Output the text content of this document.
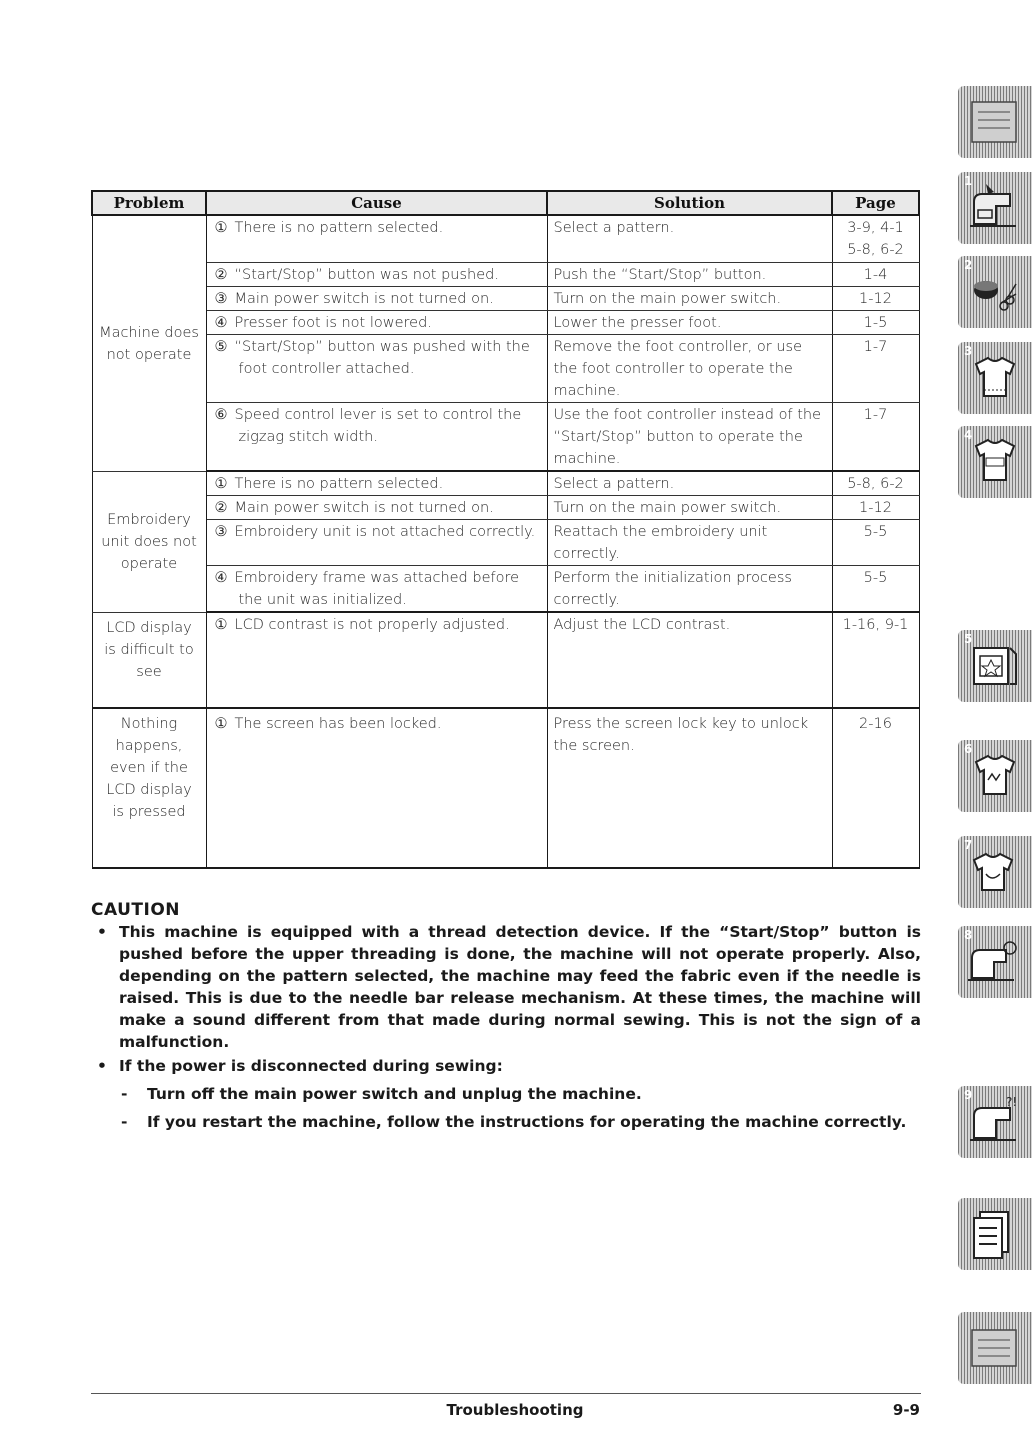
Problem	Cause	Solution	Page
Machine does not operate	① There is no pattern selected.	Select a pattern.	3-9, 4-1 5-8, 6-2

	② “Start/Stop” button was not pushed.	Push the “Start/Stop” button.	1-4

	③ Main power switch is not turned on.	Turn on the main power switch.	1-12

	④ Presser foot is not lowered.	Lower the presser foot.	1-5

	⑤ “Start/Stop” button was pushed with the foot controller attached.	Remove the foot controller, or use the foot controller to operate the machine.	1-7

	⑥ Speed control lever is set to control the zigzag stitch width.	Use the foot controller instead of the “Start/Stop” button to operate the machine.	1-7
Embroidery unit does not operate	① There is no pattern selected.	Select a pattern.	5-8, 6-2

	② Main power switch is not turned on.	Turn on the main power switch.	1-12

	③ Embroidery unit is not attached correctly.	Reattach the embroidery unit correctly.	5-5

	④ Embroidery frame was attached before the unit was initialized.	Perform the initialization process correctly.	5-5
LCD display is difficult to see	① LCD contrast is not properly adjusted.	Adjust the LCD contrast.	1-16, 9-1
Nothing happens, even if the LCD display is pressed	① The screen has been locked.	Press the screen lock key to unlock the screen.	2-16
CAUTION
• This machine is equipped with a thread detection device. If the “Start/Stop” button is pushed before the upper threading is done, the machine will not operate properly. Also, depending on the pattern selected, the machine may feed the fabric even if the needle is raised. This is due to the needle bar release mechanism. At these times, the machine will make a sound different from that made during normal sewing. This is not the sign of a malfunction.
• If the power is disconnected during sewing:
- Turn off the main power switch and unplug the machine.
- If you restart the machine, follow the instructions for operating the machine correctly.
Troubleshooting	9-9
1
2
3
4
5
6
7
8
?!
9
